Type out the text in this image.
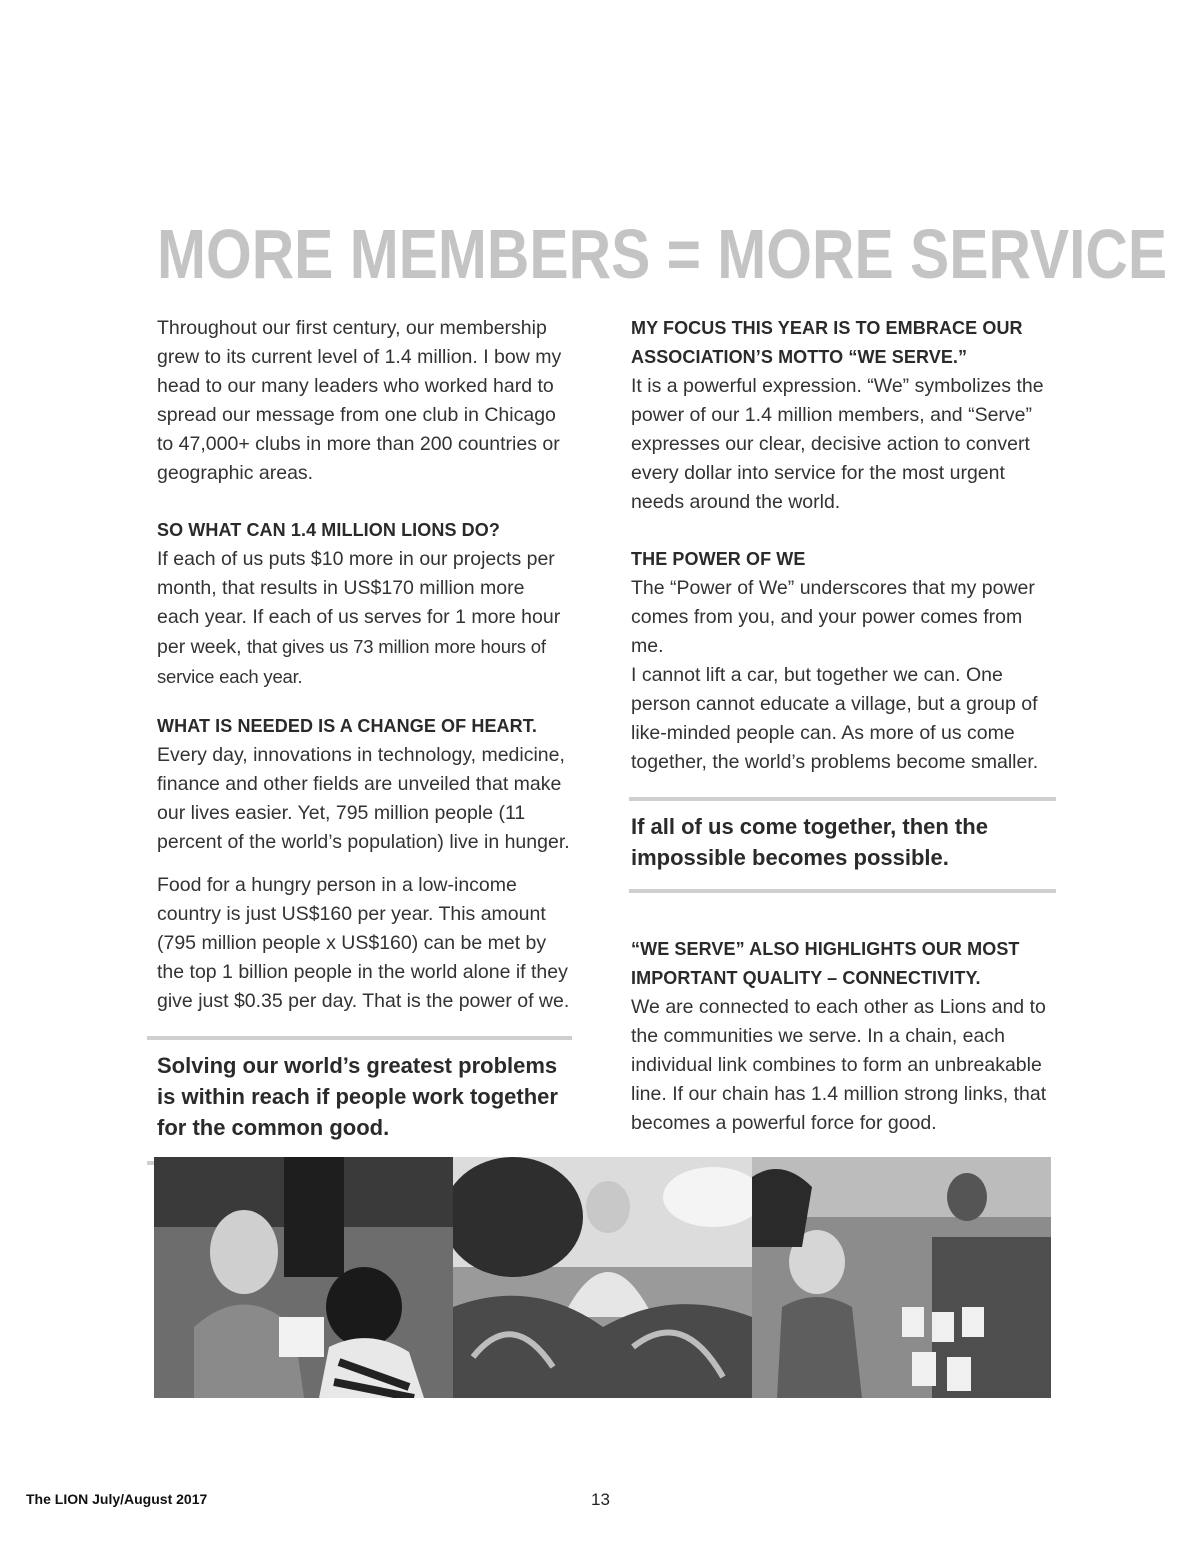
MORE MEMBERS = MORE SERVICE

Throughout our first century, our membership grew to its current level of 1.4 million. I bow my head to our many leaders who worked hard to spread our message from one club in Chicago to 47,000+ clubs in more than 200 countries or geographic areas.

SO WHAT CAN 1.4 MILLION LIONS DO?

If each of us puts $10 more in our projects per month, that results in US$170 million more each year. If each of us serves for 1 more hour per week, that gives us 73 million more hours of service each year.

WHAT IS NEEDED IS A CHANGE OF HEART.

Every day, innovations in technology, medicine, finance and other fields are unveiled that make our lives easier. Yet, 795 million people (11 percent of the world’s population) live in hunger.

Food for a hungry person in a low-income country is just US$160 per year. This amount (795 million people x US$160) can be met by the top 1 billion people in the world alone if they give just $0.35 per day. That is the power of we.

Solving our world’s greatest problems is within reach if people work together for the common good.

MY FOCUS THIS YEAR IS TO EMBRACE OUR ASSOCIATION’S MOTTO “WE SERVE.”

It is a powerful expression. “We” symbolizes the power of our 1.4 million members, and “Serve” expresses our clear, decisive action to convert every dollar into service for the most urgent needs around the world.

THE POWER OF WE

The “Power of We” underscores that my power comes from you, and your power comes from me.

I cannot lift a car, but together we can. One person cannot educate a village, but a group of like-minded people can. As more of us come together, the world’s problems become smaller.

If all of us come together, then the impossible becomes possible.

“WE SERVE” ALSO HIGHLIGHTS OUR MOST IMPORTANT QUALITY – CONNECTIVITY.

We are connected to each other as Lions and to the communities we serve. In a chain, each individual link combines to form an unbreakable line. If our chain has 1.4 million strong links, that becomes a powerful force for good.

The LION July/August 2017	13
